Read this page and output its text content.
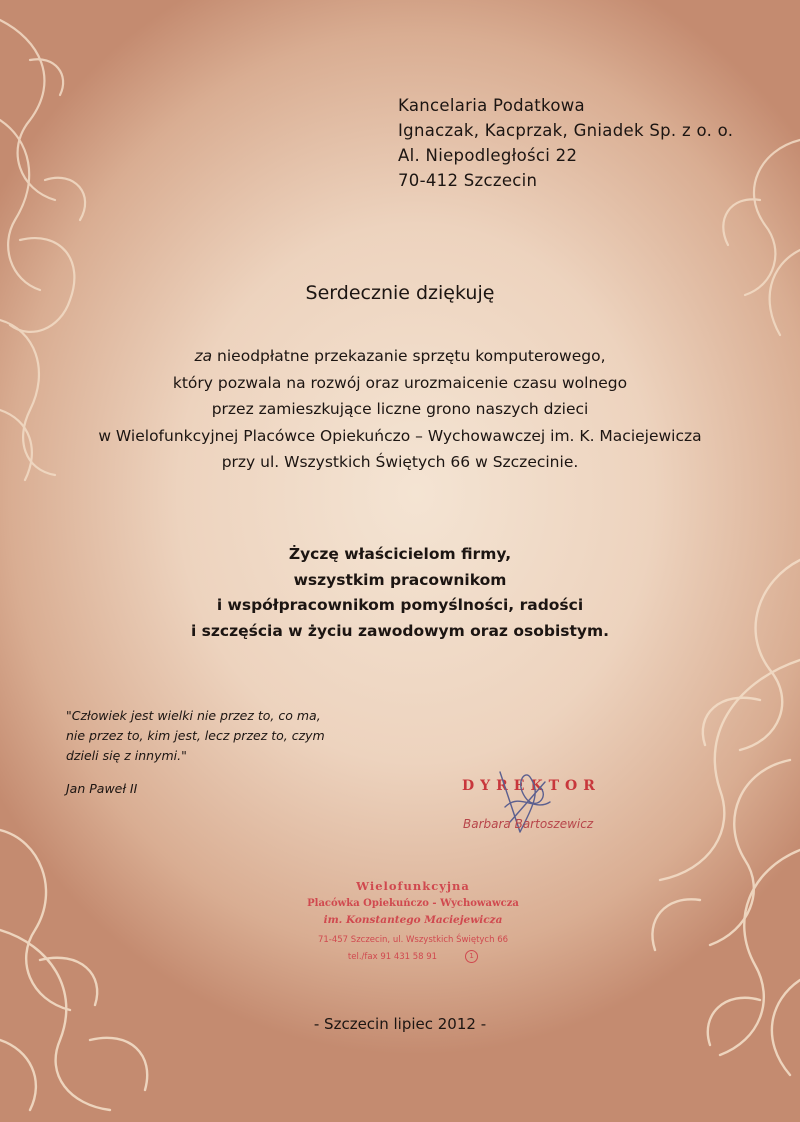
Kancelaria Podatkowa
Ignaczak, Kacprzak, Gniadek Sp. z o. o.
Al. Niepodległości 22
70-412 Szczecin
Serdecznie dziękuję
za nieodpłatne przekazanie sprzętu komputerowego,
który pozwala na rozwój oraz urozmaicenie czasu wolnego
przez zamieszkujące liczne grono naszych dzieci
w Wielofunkcyjnej Placówce Opiekuńczo – Wychowawczej im. K. Maciejewicza
przy ul. Wszystkich Świętych 66 w Szczecinie.
Życzę właścicielom firmy,
wszystkim pracownikom
i współpracownikom pomyślności, radości
i szczęścia w życiu zawodowym oraz osobistym.
"Człowiek jest wielki nie przez to, co ma,
nie przez to, kim jest, lecz przez to, czym
dzieli się z innymi."
Jan Paweł II	DYREKTOR
Barbara Bartoszewicz
Wielofunkcyjna
Placówka Opiekuńczo - Wychowawcza
im. Konstantego Maciejewicza
71-457 Szczecin, ul. Wszystkich Świętych 66
tel./fax 91 431 58 91	1
- Szczecin lipiec 2012 -
